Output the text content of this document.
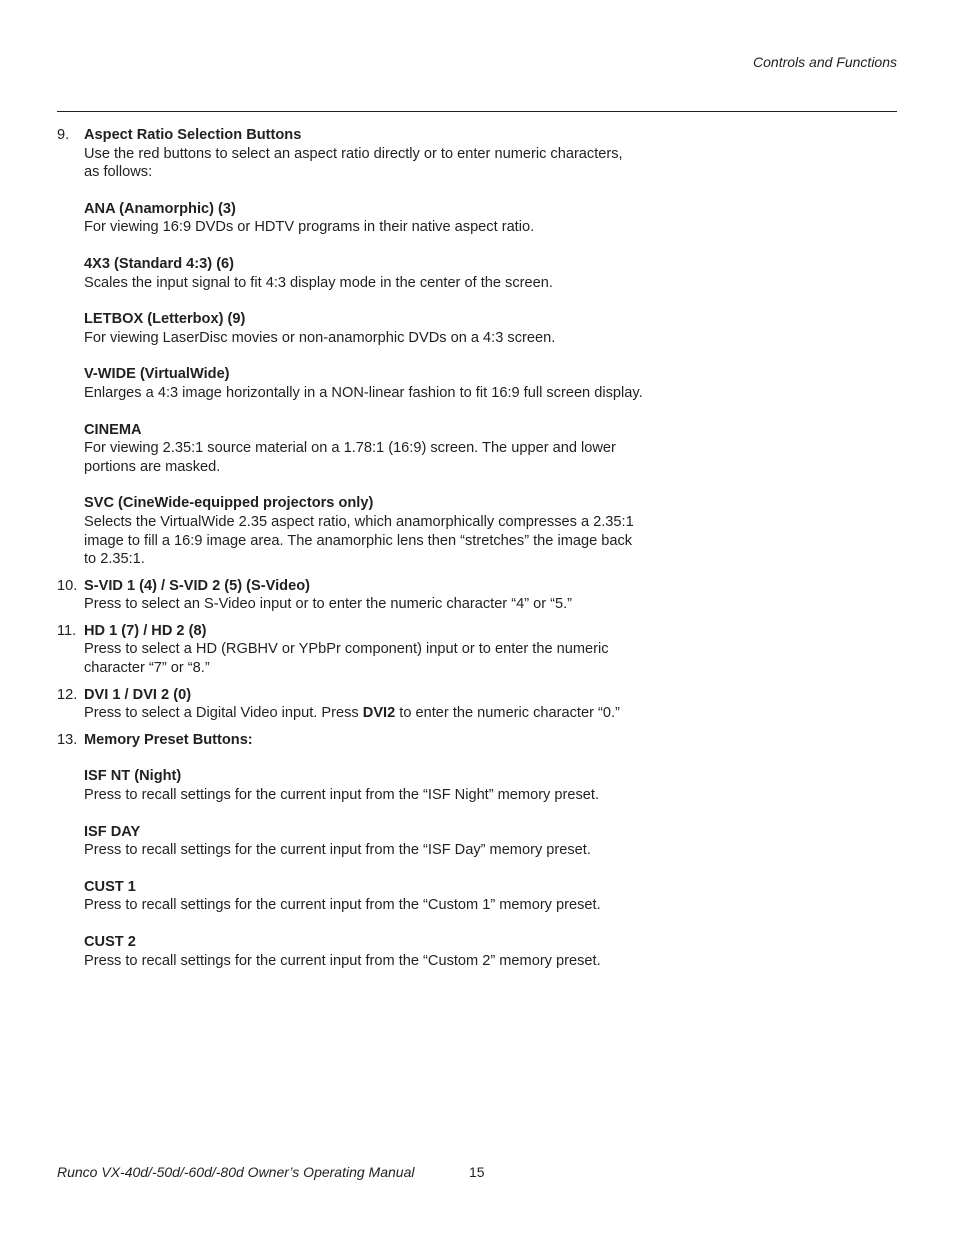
Controls and Functions
9. Aspect Ratio Selection Buttons
Use the red buttons to select an aspect ratio directly or to enter numeric characters,
as follows:
ANA (Anamorphic) (3)
For viewing 16:9 DVDs or HDTV programs in their native aspect ratio.
4X3 (Standard 4:3) (6)
Scales the input signal to fit 4:3 display mode in the center of the screen.
LETBOX (Letterbox) (9)
For viewing LaserDisc movies or non-anamorphic DVDs on a 4:3 screen.
V-WIDE (VirtualWide)
Enlarges a 4:3 image horizontally in a NON-linear fashion to fit 16:9 full screen display.
CINEMA
For viewing 2.35:1 source material on a 1.78:1 (16:9) screen. The upper and lower
portions are masked.
SVC (CineWide-equipped projectors only)
Selects the VirtualWide 2.35 aspect ratio, which anamorphically compresses a 2.35:1
image to fill a 16:9 image area. The anamorphic lens then “stretches” the image back
to 2.35:1.
10. S-VID 1 (4) / S-VID 2 (5) (S-Video)
Press to select an S-Video input or to enter the numeric character “4” or “5.”
11. HD 1 (7) / HD 2 (8)
Press to select a HD (RGBHV or YPbPr component) input or to enter the numeric
character “7” or “8.”
12. DVI 1 / DVI 2 (0)
Press to select a Digital Video input. Press DVI2 to enter the numeric character “0.”
13. Memory Preset Buttons:
ISF NT (Night)
Press to recall settings for the current input from the “ISF Night” memory preset.
ISF DAY
Press to recall settings for the current input from the “ISF Day” memory preset.
CUST 1
Press to recall settings for the current input from the “Custom 1” memory preset.
CUST 2
Press to recall settings for the current input from the “Custom 2” memory preset.
Runco VX-40d/-50d/-60d/-80d Owner’s Operating Manual	15
